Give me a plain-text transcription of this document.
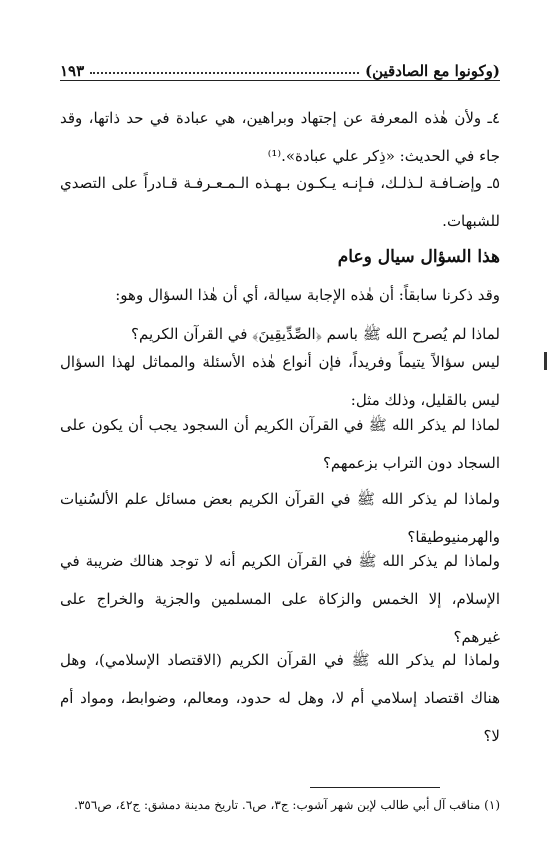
(وكونوا مع الصادقين)
١٩٣

٤ـ ولأن هٰذه المعرفة عن إجتهاد وبراهين، هي عبادة في حد ذاتها، وقد جاء في الحديث: «ذِكر علي عبادة».⁽¹⁾

٥ـ وإضـافـة لـذلـك، فـإنـه يـكـون بـهـذه الـمـعـرفـة قـادراً على التصدي للشبهات.

هذا السؤال سيال وعام

وقد ذكرنا سابقاً: أن هٰذه الإجابة سيالة، أي أن هٰذا السؤال وهو:

لماذا لم يُصرح الله ﷺ باسم ﴿الصِّدِّيقِينَ﴾ في القرآن الكريم؟

ليس سؤالاً يتيماً وفريداً، فإن أنواع هٰذه الأسئلة والمماثل لهذا السؤال ليس بالقليل، وذلك مثل:

لماذا لم يذكر الله ﷺ في القرآن الكريم أن السجود يجب أن يكون على السجاد دون التراب بزعمهم؟

ولماذا لم يذكر الله ﷺ في القرآن الكريم بعض مسائل علم الألسُنيات والهرمنيوطيقا؟

ولماذا لم يذكر الله ﷺ في القرآن الكريم أنه لا توجد هنالك ضريبة في الإسلام، إلا الخمس والزكاة على المسلمين والجزية والخراج على غيرهم؟

ولماذا لم يذكر الله ﷺ في القرآن الكريم (الاقتصاد الإسلامي)، وهل هناك اقتصاد إسلامي أم لا، وهل له حدود، ومعالم، وضوابط، ومواد أم لا؟

(١) مناقب آل أبي طالب لإبن شهر آشوب: ج٣، ص٦. تاريخ مدينة دمشق: ج٤٢، ص٣٥٦.
